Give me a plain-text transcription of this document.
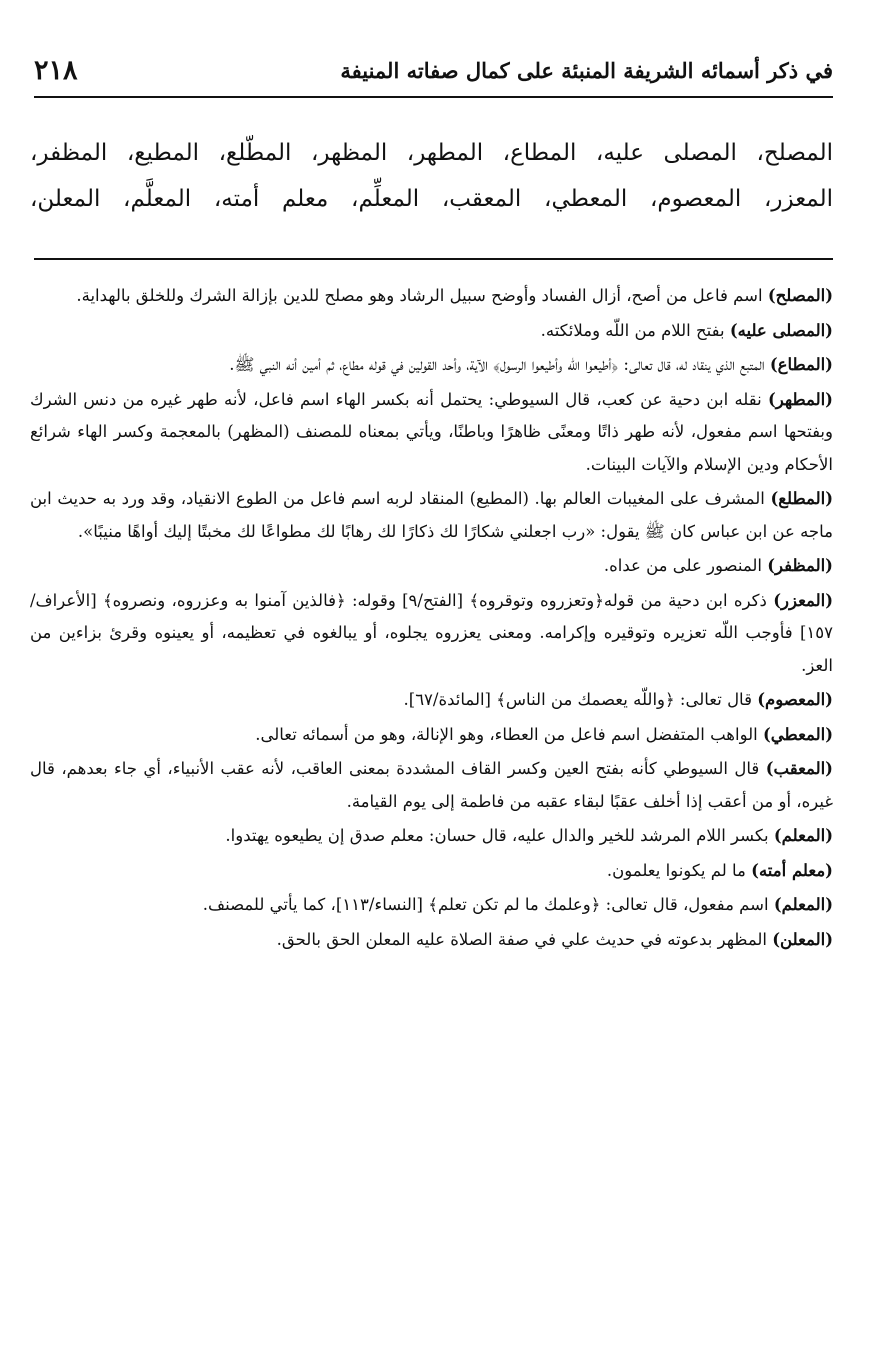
في ذكر أسمائه الشريفة المنبئة على كمال صفاته المنيفة
٢١٨
المصلح، المصلى عليه، المطاع، المطهر، المظهر، المطّلع، المطيع، المظفر،
المعزر، المعصوم، المعطي، المعقب، المعلِّم، معلم أمته، المعلَّم، المعلن،

(المصلح) اسم فاعل من أصح، أزال الفساد وأوضح سبيل الرشاد وهو مصلح للدين بإزالة الشرك وللخلق بالهداية.

(المصلى عليه) بفتح اللام من اللّه وملائكته.

(المطاع) المتبع الذي ينقاد له، قال تعالى: ﴿أطيعوا اللّه وأطيعوا الرسول﴾ الآية، وأحد القولين في قوله مطاع، ثم أمين أنه النبي ﷺ.

(المطهر) نقله ابن دحية عن كعب، قال السيوطي: يحتمل أنه بكسر الهاء اسم فاعل، لأنه طهر غيره من دنس الشرك وبفتحها اسم مفعول، لأنه طهر ذاتًا ومعنًى ظاهرًا وباطنًا، ويأتي بمعناه للمصنف (المظهر) بالمعجمة وكسر الهاء شرائع الأحكام ودين الإسلام والآيات البينات.

(المطلع) المشرف على المغيبات العالم بها. (المطيع) المنقاد لربه اسم فاعل من الطوع الانقياد، وقد ورد به حديث ابن ماجه عن ابن عباس كان ﷺ يقول: «رب اجعلني شكارًا لك ذكارًا لك رهابًا لك مطواعًا لك مخبتًا إليك أواهًا منيبًا».

(المظفر) المنصور على من عداه.

(المعزر) ذكره ابن دحية من قوله﴿وتعزروه وتوقروه﴾ [الفتح/٩] وقوله: ﴿فالذين آمنوا به وعزروه، ونصروه﴾ [الأعراف/١٥٧] فأوجب اللّه تعزيره وتوقيره وإكرامه. ومعنى يعزروه يجلوه، أو يبالغوه في تعظيمه، أو يعينوه وقرئ بزاءين من العز.

(المعصوم) قال تعالى: ﴿واللّه يعصمك من الناس﴾ [المائدة/٦٧].

(المعطي) الواهب المتفضل اسم فاعل من العطاء، وهو الإنالة، وهو من أسمائه تعالى.

(المعقب) قال السيوطي كأنه بفتح العين وكسر القاف المشددة بمعنى العاقب، لأنه عقب الأنبياء، أي جاء بعدهم، قال غيره، أو من أعقب إذا أخلف عقبًا لبقاء عقبه من فاطمة إلى يوم القيامة.

(المعلم) بكسر اللام المرشد للخير والدال عليه، قال حسان: معلم صدق إن يطيعوه يهتدوا.

(معلم أمته) ما لم يكونوا يعلمون.

(المعلم) اسم مفعول، قال تعالى: ﴿وعلمك ما لم تكن تعلم﴾ [النساء/١١٣]، كما يأتي للمصنف.

(المعلن) المظهر بدعوته في حديث علي في صفة الصلاة عليه المعلن الحق بالحق.
